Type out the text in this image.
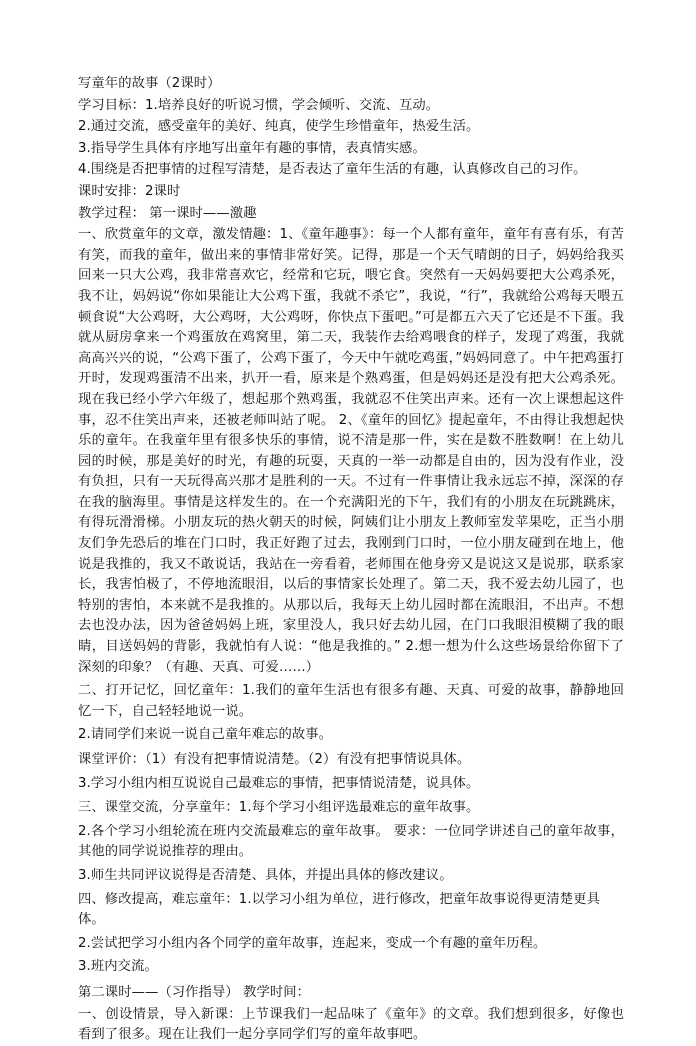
写童年的故事（2课时）

学习目标：1.培养良好的听说习惯，学会倾听、交流、互动。

2.通过交流，感受童年的美好、纯真，使学生珍惜童年，热爱生活。

3.指导学生具体有序地写出童年有趣的事情，表真情实感。

4.围绕是否把事情的过程写清楚，是否表达了童年生活的有趣，认真修改自己的习作。

课时安排：2课时

教学过程： 第一课时——激趣

一、欣赏童年的文章，激发情趣：1、《童年趣事》：每一个人都有童年，童年有喜有乐，有苦有笑，而我的童年，做出来的事情非常好笑。记得，那是一个天气晴朗的日子，妈妈给我买回来一只大公鸡，我非常喜欢它，经常和它玩，喂它食。突然有一天妈妈要把大公鸡杀死，我不让，妈妈说“你如果能让大公鸡下蛋，我就不杀它”，我说，“行”，我就给公鸡每天喂五顿食说“大公鸡呀，大公鸡呀，大公鸡呀，你快点下蛋吧。”可是都五六天了它还是不下蛋。我就从厨房拿来一个鸡蛋放在鸡窝里，第二天，我装作去给鸡喂食的样子，发现了鸡蛋，我就高高兴兴的说，“公鸡下蛋了，公鸡下蛋了，今天中午就吃鸡蛋，”妈妈同意了。中午把鸡蛋打开时，发现鸡蛋清不出来，扒开一看，原来是个熟鸡蛋，但是妈妈还是没有把大公鸡杀死。现在我已经小学六年级了，想起那个熟鸡蛋，我就忍不住笑出声来。还有一次上课想起这件事，忍不住笑出声来，还被老师叫站了呢。 2、《童年的回忆》提起童年，不由得让我想起快乐的童年。在我童年里有很多快乐的事情，说不清是那一件，实在是数不胜数啊！在上幼儿园的时候，那是美好的时光，有趣的玩耍，天真的一举一动都是自由的，因为没有作业，没有负担，只有一天玩得高兴那才是胜利的一天。不过有一件事情让我永远忘不掉，深深的存在我的脑海里。事情是这样发生的。在一个充满阳光的下午，我们有的小朋友在玩跳跳床，有得玩滑滑梯。小朋友玩的热火朝天的时候，阿姨们让小朋友上教师室发苹果吃，正当小朋友们争先恐后的堆在门口时，我正好跑了过去，我刚到门口时，一位小朋友碰到在地上，他说是我推的，我又不敢说话，我站在一旁看着，老师围在他身旁又是说这又是说那，联系家长，我害怕极了，不停地流眼泪，以后的事情家长处理了。第二天，我不爱去幼儿园了，也特别的害怕，本来就不是我推的。从那以后，我每天上幼儿园时都在流眼泪，不出声。不想去也没办法，因为爸爸妈妈上班，家里没人，我只好去幼儿园，在门口我眼泪模糊了我的眼睛，目送妈妈的背影，我就怕有人说：“他是我推的。” 2.想一想为什么这些场景给你留下了深刻的印象？（有趣、天真、可爱……）

二、打开记忆，回忆童年：1.我们的童年生活也有很多有趣、天真、可爱的故事，静静地回忆一下，自己轻轻地说一说。

2.请同学们来说一说自己童年难忘的故事。

课堂评价：（1）有没有把事情说清楚。（2）有没有把事情说具体。

3.学习小组内相互说说自己最难忘的事情，把事情说清楚，说具体。

三、课堂交流，分享童年：1.每个学习小组评选最难忘的童年故事。

2.各个学习小组轮流在班内交流最难忘的童年故事。 要求：一位同学讲述自己的童年故事，其他的同学说说推荐的理由。

3.师生共同评议说得是否清楚、具体，并提出具体的修改建议。

四、修改提高，难忘童年：1.以学习小组为单位，进行修改，把童年故事说得更清楚更具体。

2.尝试把学习小组内各个同学的童年故事，连起来，变成一个有趣的童年历程。

3.班内交流。

第二课时——（习作指导） 教学时间：

一、创设情景，导入新课：上节课我们一起品味了《童年》的文章。我们想到很多，好像也看到了很多。现在让我们一起分享同学们写的童年故事吧。
